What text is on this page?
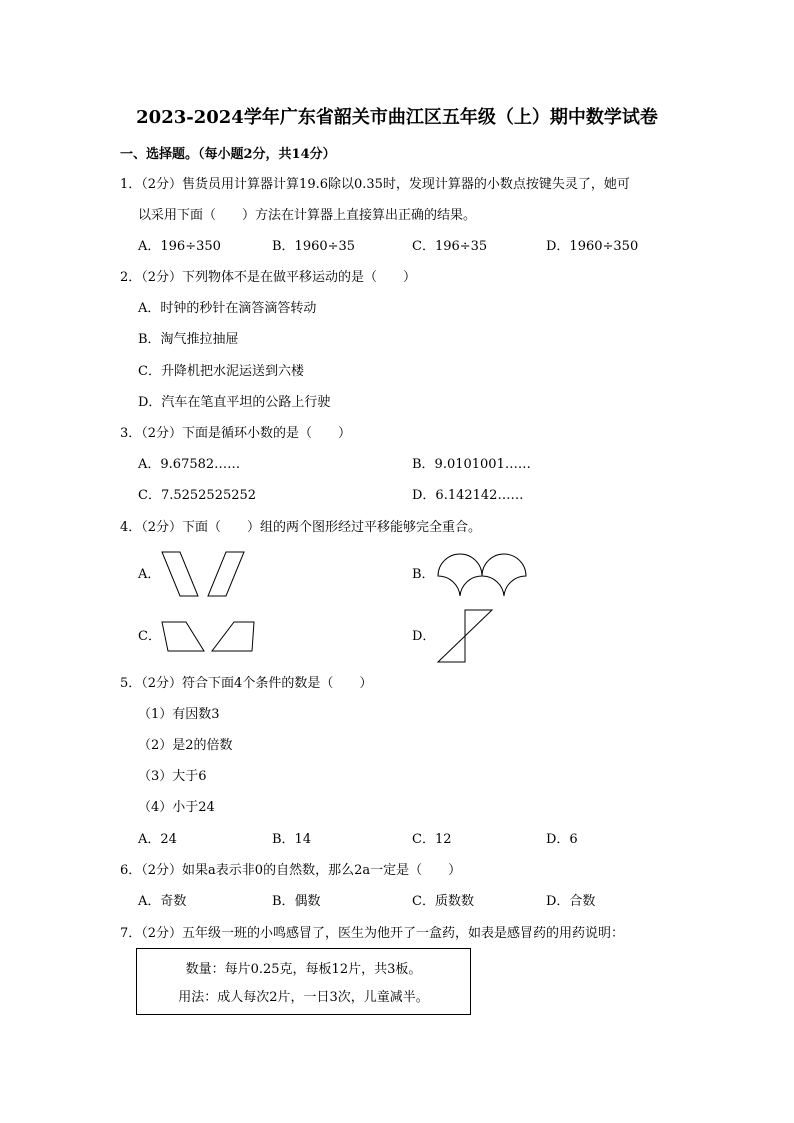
2023-2024学年广东省韶关市曲江区五年级（上）期中数学试卷
一、选择题。（每小题2分，共14分）
1．（2分）售货员用计算器计算19.6除以0.35时，发现计算器的小数点按键失灵了，她可
以采用下面（　　）方法在计算器上直接算出正确的结果。
A．196÷350	B．1960÷35	C．196÷35	D．1960÷350
2．（2分）下列物体不是在做平移运动的是（　　）
A．时钟的秒针在滴答滴答转动
B．淘气推拉抽屉
C．升降机把水泥运送到六楼
D．汽车在笔直平坦的公路上行驶
3．（2分）下面是循环小数的是（　　）
A．9.67582……	B．9.0101001……
C．7.5252525252	D．6.142142……
4．（2分）下面（　　）组的两个图形经过平移能够完全重合。
A．	B．
C．	D．
5．（2分）符合下面4个条件的数是（　　）
（1）有因数3
（2）是2的倍数
（3）大于6
（4）小于24
A．24	B．14	C．12	D．6
6．（2分）如果a表示非0的自然数，那么2a一定是（　　）
A．奇数	B．偶数	C．质数数	D．合数
7．（2分）五年级一班的小鸣感冒了，医生为他开了一盒药，如表是感冒药的用药说明：
数量：每片0.25克，每板12片，共3板。
用法：成人每次2片，一日3次，儿童减半。
